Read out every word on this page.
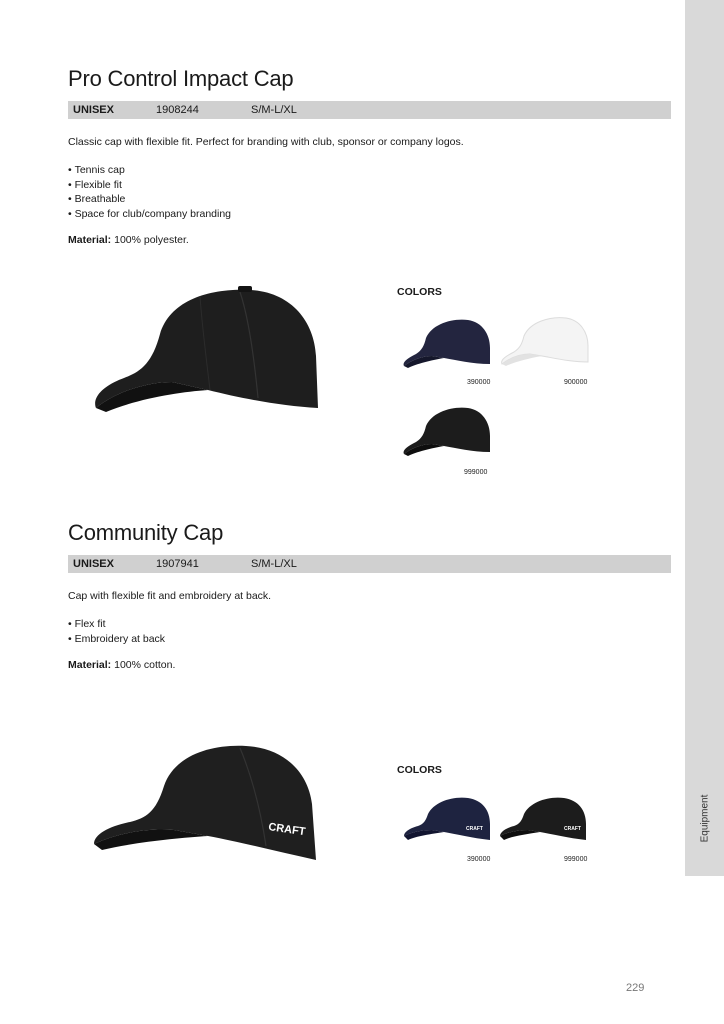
Equipment
Pro Control Impact Cap
UNISEX	1908244	S/M-L/XL
Classic cap with flexible fit. Perfect for branding with club, sponsor or company logos.
• Tennis cap
• Flexible fit
• Breathable
• Space for club/company branding
Material: 100% polyester.
COLORS
390000	900000
999000
Community Cap
UNISEX	1907941	S/M-L/XL
Cap with flexible fit and embroidery at back.
• Flex fit
• Embroidery at back
Material: 100% cotton.
CRAFT
COLORS
CRAFT
390000
CRAFT
999000
229
